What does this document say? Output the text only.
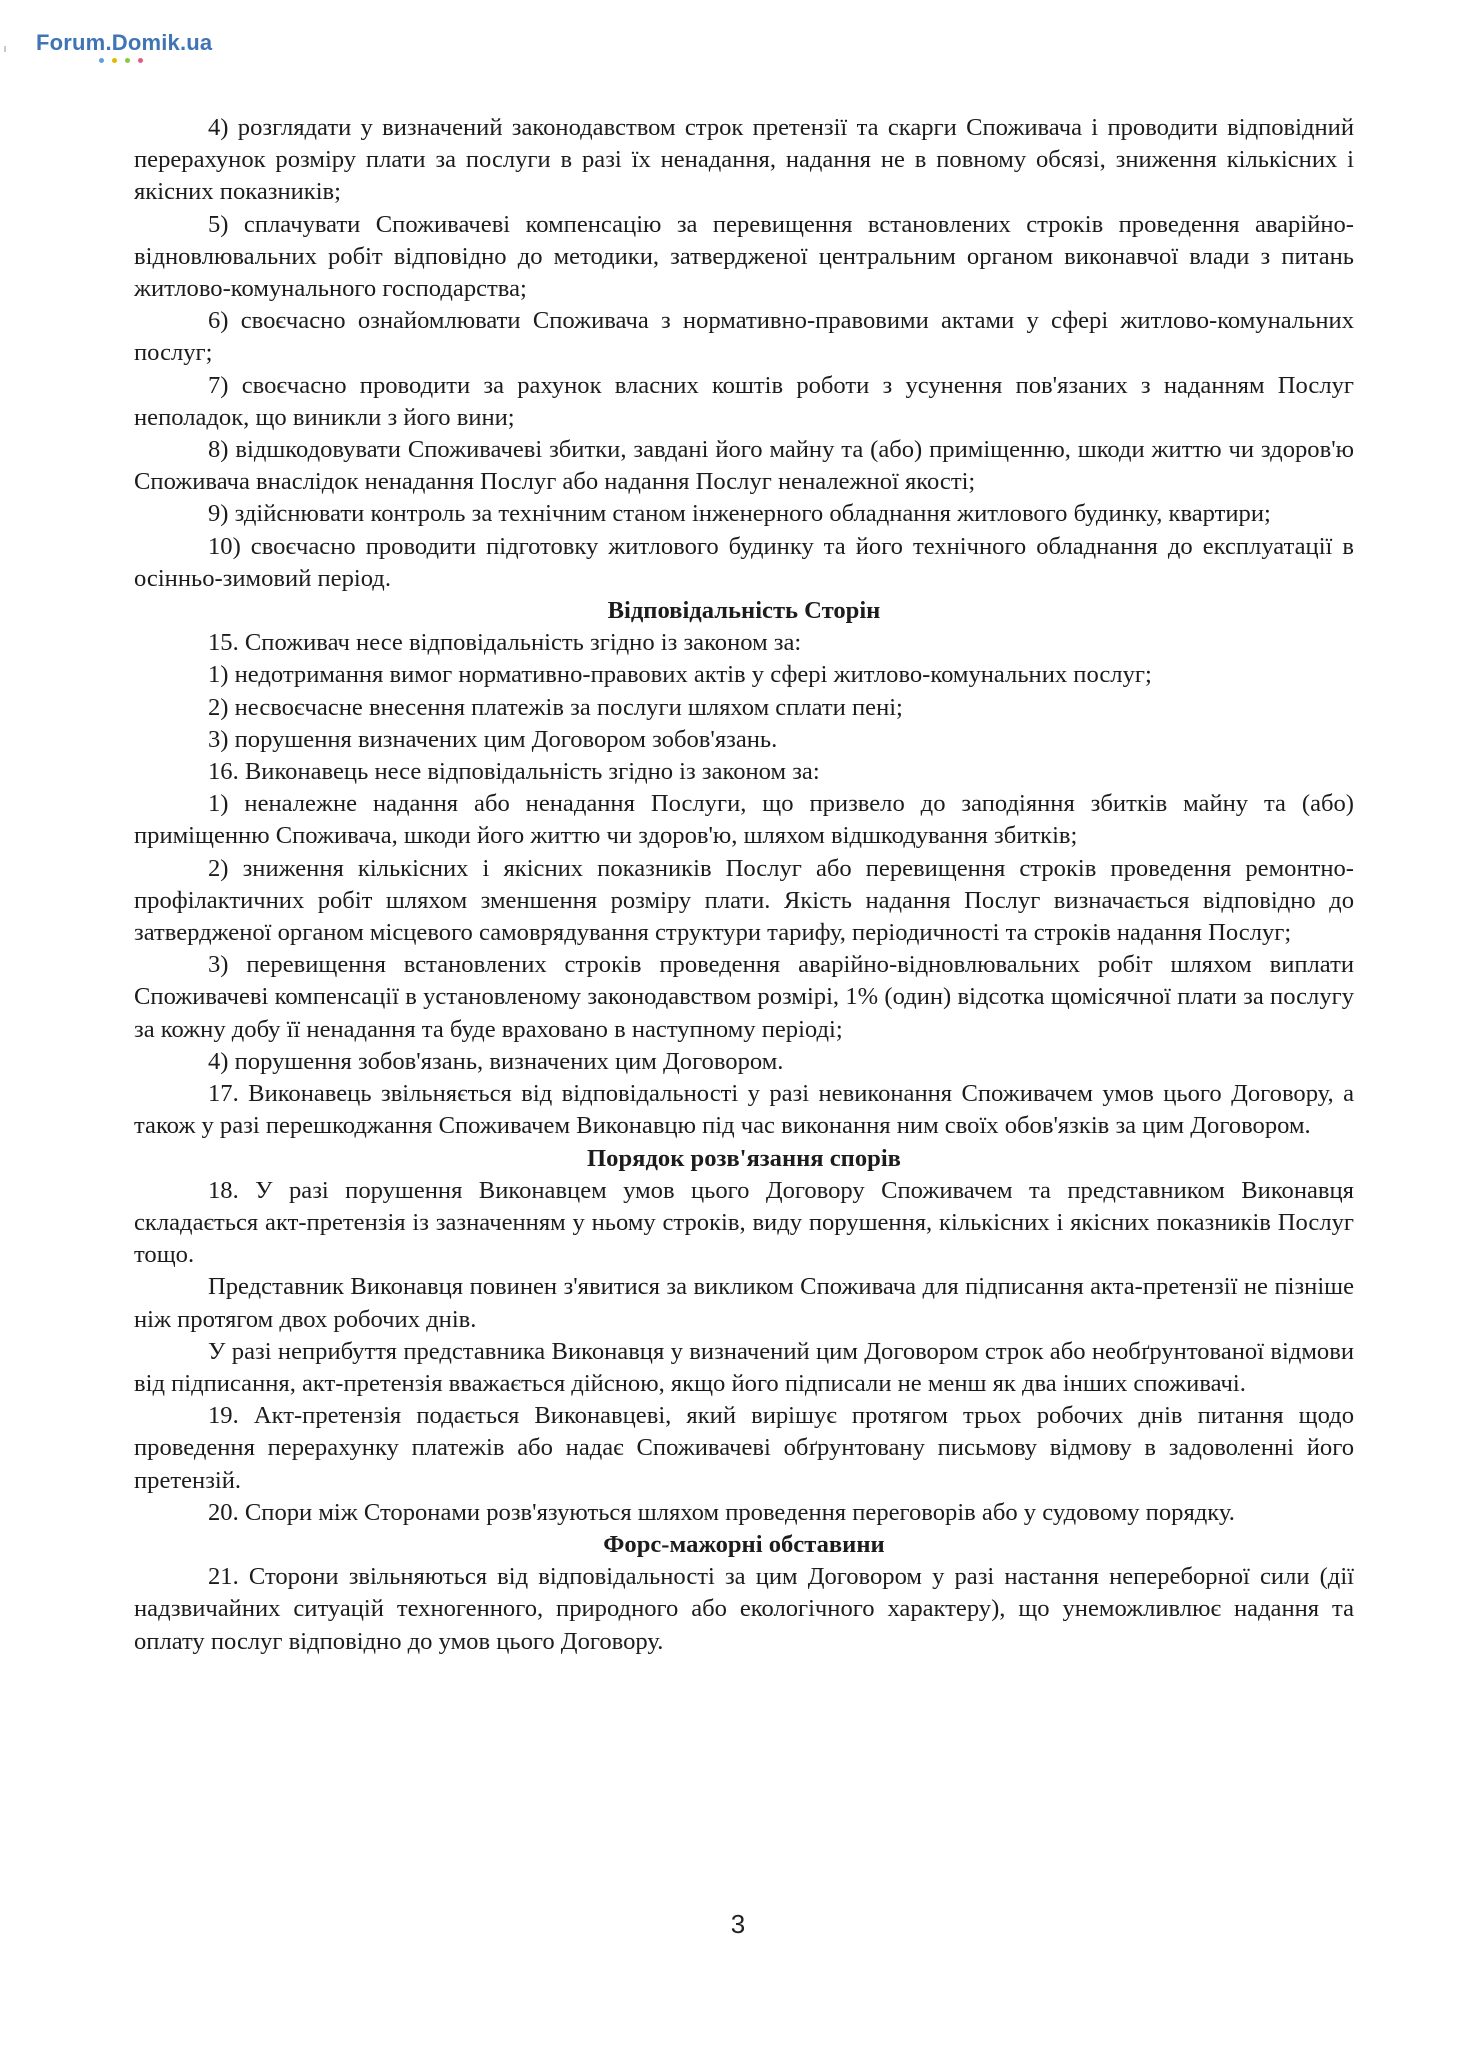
Forum.Domik.ua

4) розглядати у визначений законодавством строк претензії та скарги Споживача і проводити відповідний перерахунок розміру плати за послуги в разі їх ненадання, надання не в повному обсязі, зниження кількісних і якісних показників;

5) сплачувати Споживачеві компенсацію за перевищення встановлених строків проведення аварійно-відновлювальних робіт відповідно до методики, затвердженої центральним органом виконавчої влади з питань житлово-комунального господарства;

6) своєчасно ознайомлювати Споживача з нормативно-правовими актами у сфері житлово-комунальних послуг;

7) своєчасно проводити за рахунок власних коштів роботи з усунення пов'язаних з наданням Послуг неполадок, що виникли з його вини;

8) відшкодовувати Споживачеві збитки, завдані його майну та (або) приміщенню, шкоди життю чи здоров'ю Споживача внаслідок ненадання Послуг або надання Послуг неналежної якості;

9) здійснювати контроль за технічним станом інженерного обладнання житлового будинку, квартири;

10) своєчасно проводити підготовку житлового будинку та його технічного обладнання до експлуатації в осінньо-зимовий період.

Відповідальність Сторін

15. Споживач несе відповідальність згідно із законом за:

1) недотримання вимог нормативно-правових актів у сфері житлово-комунальних послуг;

2) несвоєчасне внесення платежів за послуги шляхом сплати пені;

3) порушення визначених цим Договором зобов'язань.

16. Виконавець несе відповідальність згідно із законом за:

1) неналежне надання або ненадання Послуги, що призвело до заподіяння збитків майну та (або) приміщенню Споживача, шкоди його життю чи здоров'ю, шляхом відшкодування збитків;

2) зниження кількісних і якісних показників Послуг або перевищення строків проведення ремонтно-профілактичних робіт шляхом зменшення розміру плати. Якість надання Послуг визначається відповідно до затвердженої органом місцевого самоврядування структури тарифу, періодичності та строків надання Послуг;

3) перевищення встановлених строків проведення аварійно-відновлювальних робіт шляхом виплати Споживачеві компенсації в установленому законодавством розмірі, 1% (один) відсотка щомісячної плати за послугу за кожну добу її ненадання та буде враховано в наступному періоді;

4) порушення зобов'язань, визначених цим Договором.

17. Виконавець звільняється від відповідальності у разі невиконання Споживачем умов цього Договору, а також у разі перешкоджання Споживачем Виконавцю під час виконання ним своїх обов'язків за цим Договором.

Порядок розв'язання спорів

18. У разі порушення Виконавцем умов цього Договору Споживачем та представником Виконавця складається акт-претензія із зазначенням у ньому строків, виду порушення, кількісних і якісних показників Послуг тощо.

Представник Виконавця повинен з'явитися за викликом Споживача для підписання акта-претензії не пізніше ніж протягом двох робочих днів.

У разі неприбуття представника Виконавця у визначений цим Договором строк або необґрунтованої відмови від підписання, акт-претензія вважається дійсною, якщо його підписали не менш як два інших споживачі.

19. Акт-претензія подається Виконавцеві, який вирішує протягом трьох робочих днів питання щодо проведення перерахунку платежів або надає Споживачеві обґрунтовану письмову відмову в задоволенні його претензій.

20. Спори між Сторонами розв'язуються шляхом проведення переговорів або у судовому порядку.

Форс-мажорні обставини

21. Сторони звільняються від відповідальності за цим Договором у разі настання непереборної сили (дії надзвичайних ситуацій техногенного, природного або екологічного характеру), що унеможливлює надання та оплату послуг відповідно до умов цього Договору.

3
